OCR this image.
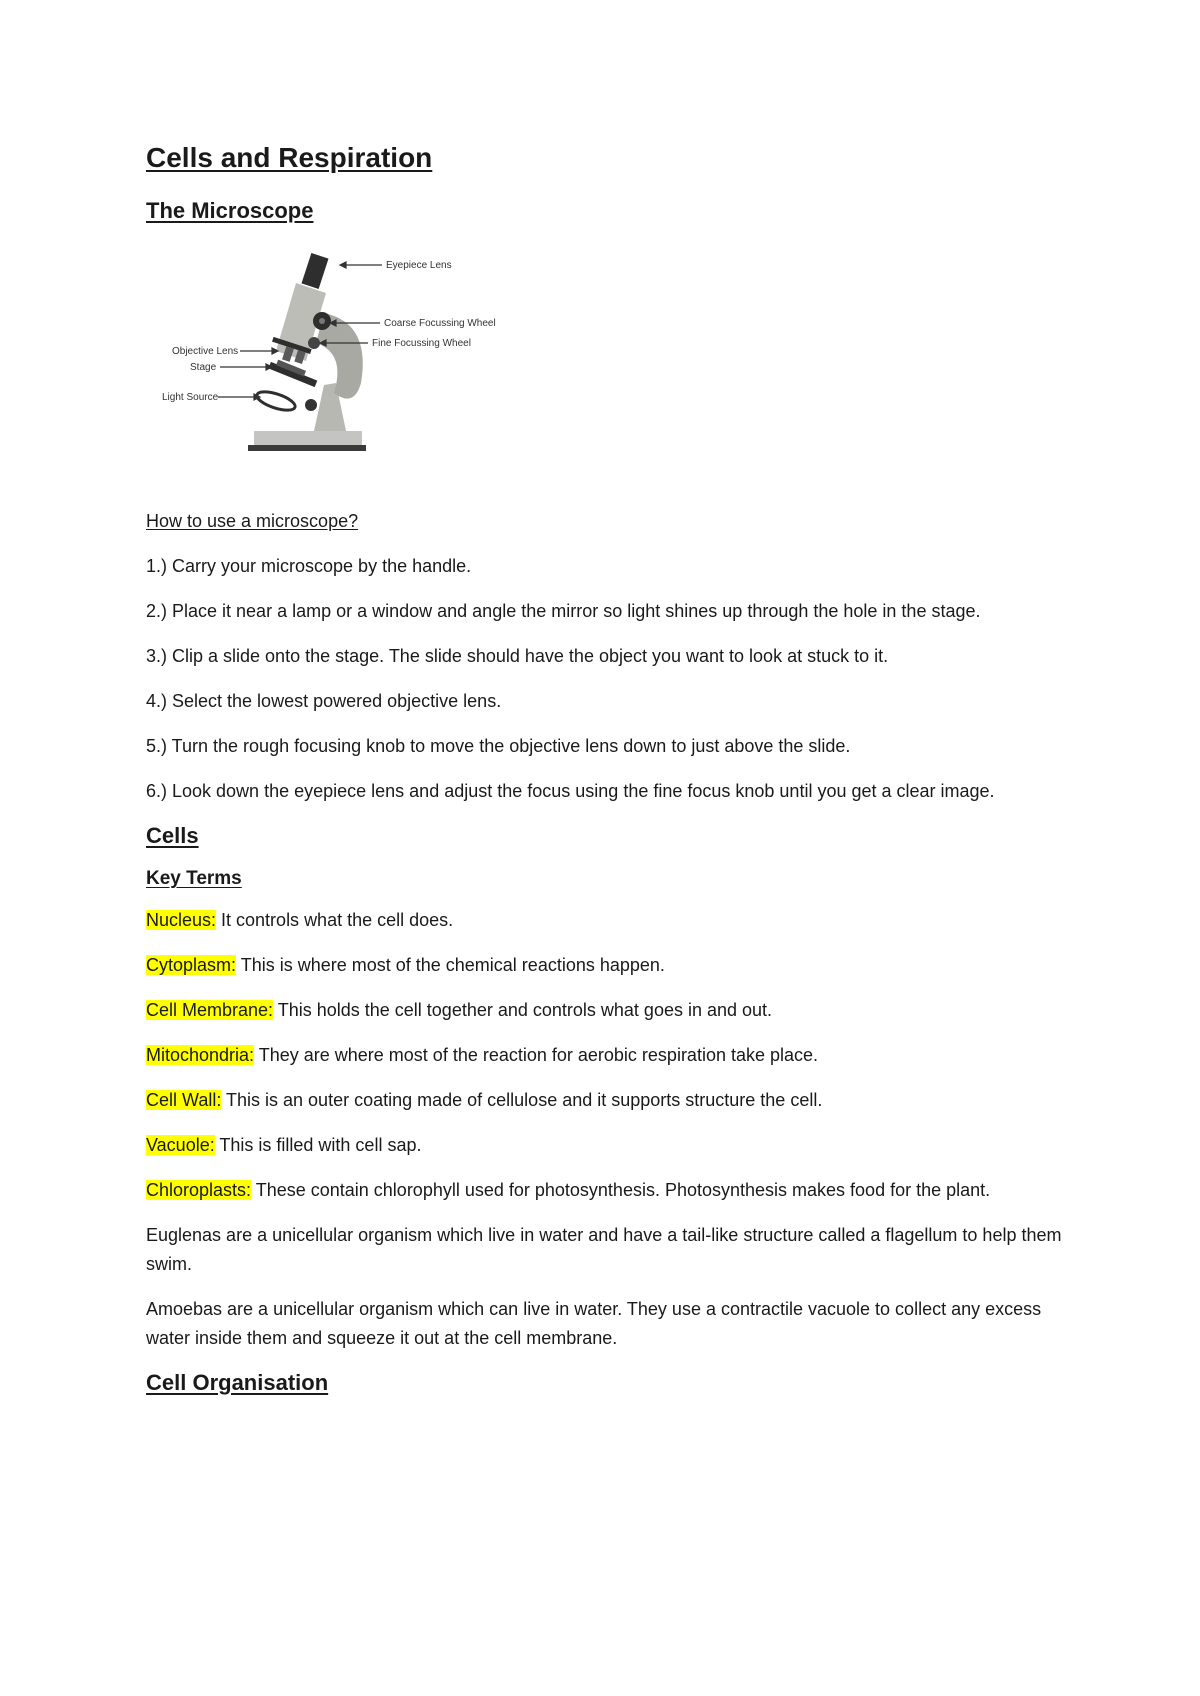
Cells and Respiration
The Microscope
Eyepiece Lens
Coarse Focussing Wheel
Fine Focussing Wheel
Objective Lens
Stage
Light Source
How to use a microscope?
1.) Carry your microscope by the handle.
2.) Place it near a lamp or a window and angle the mirror so light shines up through the hole in the stage.
3.) Clip a slide onto the stage. The slide should have the object you want to look at stuck to it.
4.) Select the lowest powered objective lens.
5.) Turn the rough focusing knob to move the objective lens down to just above the slide.
6.) Look down the eyepiece lens and adjust the focus using the fine focus knob until you get a clear image.
Cells
Key Terms
Nucleus: It controls what the cell does.
Cytoplasm: This is where most of the chemical reactions happen.
Cell Membrane: This holds the cell together and controls what goes in and out.
Mitochondria: They are where most of the reaction for aerobic respiration take place.
Cell Wall: This is an outer coating made of cellulose and it supports structure the cell.
Vacuole: This is filled with cell sap.
Chloroplasts: These contain chlorophyll used for photosynthesis. Photosynthesis makes food for the plant.
Euglenas are a unicellular organism which live in water and have a tail-like structure called a flagellum to help them swim.
Amoebas are a unicellular organism which can live in water. They use a contractile vacuole to collect any excess water inside them and squeeze it out at the cell membrane.
Cell Organisation
